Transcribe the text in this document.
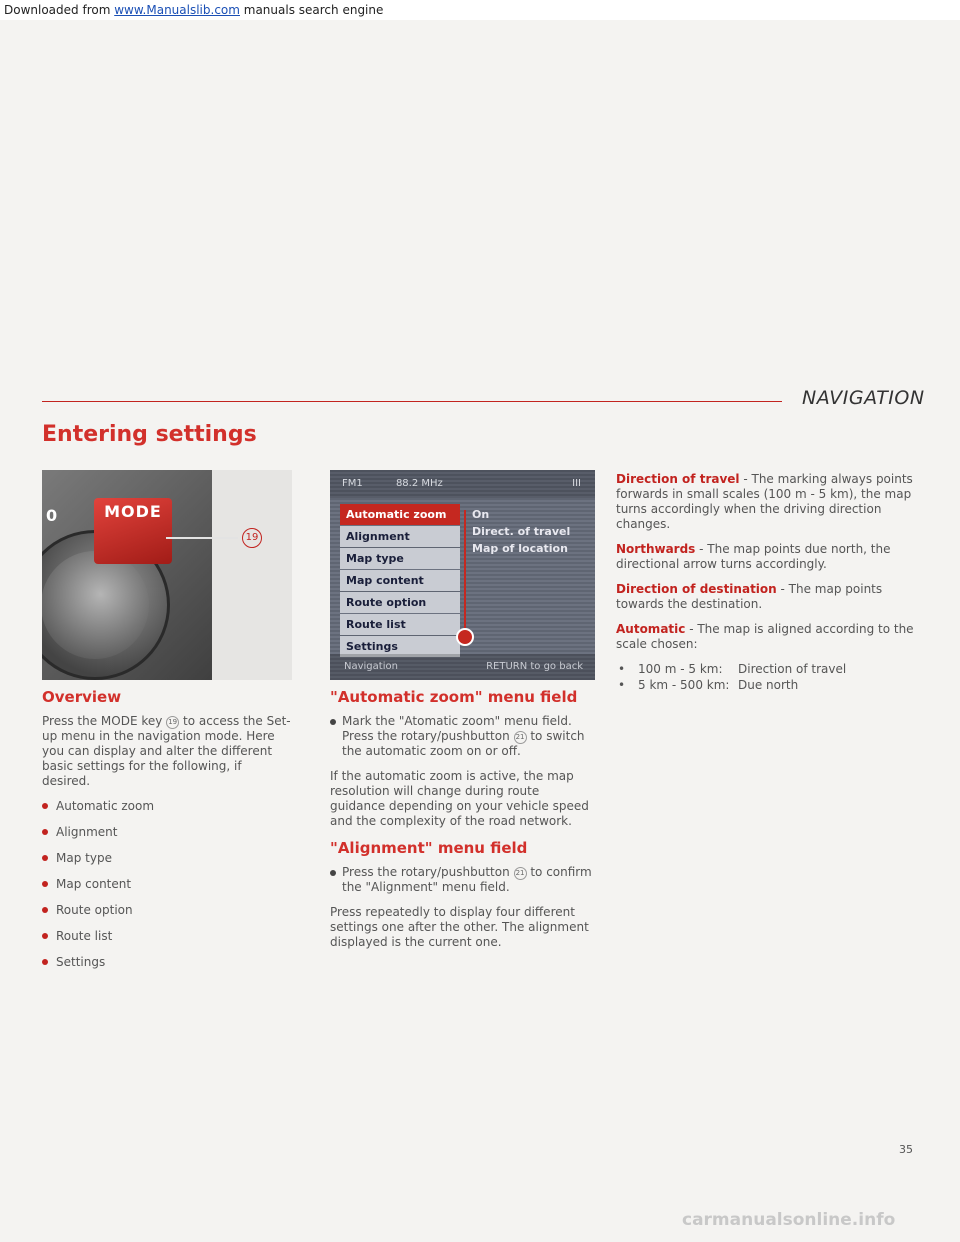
Downloaded from www.Manualslib.com manuals search engine
NAVIGATION
Entering settings
0	MODE
19
Overview

Press the MODE key 19 to access the Set-up menu in the navigation mode. Here you can display and alter the different basic settings for the following, if desired.

Automatic zoom
Alignment
Map type
Map content
Route option
Route list
Settings
FM1	88.2 MHz	III
Automatic zoom
Alignment
Map type
Map content
Route option
Route list
Settings
On
Direct. of travel
Map of location
Navigation	RETURN to go back
"Automatic zoom" menu field

Mark the "Atomatic zoom" menu field. Press the rotary/pushbutton 21 to switch the automatic zoom on or off.

If the automatic zoom is active, the map resolution will change during route guidance depending on your vehicle speed and the complexity of the road network.

"Alignment" menu field

Press the rotary/pushbutton 21 to confirm the "Alignment" menu field.

Press repeatedly to display four different settings one after the other. The alignment displayed is the current one.

Direction of travel - The marking always points forwards in small scales (100 m - 5 km), the map turns accordingly when the driving direction changes.

Northwards - The map points due north, the directional arrow turns accordingly.

Direction of destination - The map points towards the destination.

Automatic - The map is aligned according to the scale chosen:

•	100 m - 5 km:	Direction of travel
•	5 km - 500 km: Due north
35
carmanualsonline.info
